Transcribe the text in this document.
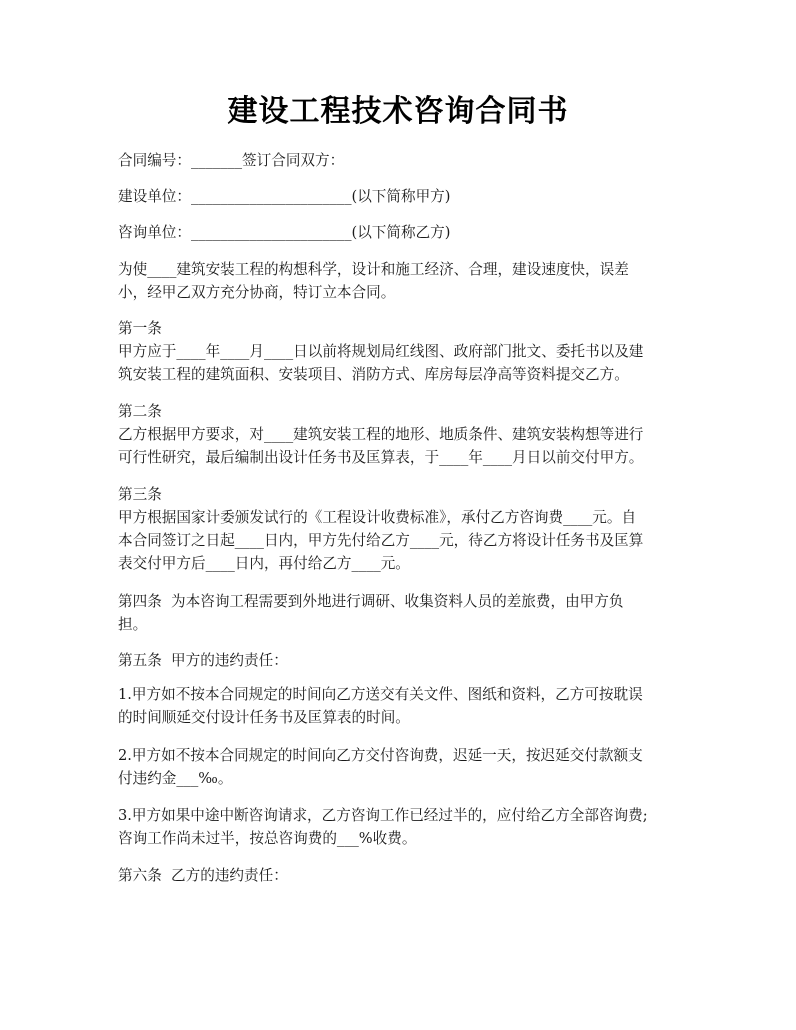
建设工程技术咨询合同书

合同编号：_______签订合同双方：

建设单位：______________________(以下简称甲方)

咨询单位：______________________(以下简称乙方)

为使____建筑安装工程的构想科学，设计和施工经济、合理，建设速度快，误差
小，经甲乙双方充分协商，特订立本合同。

第一条
甲方应于____年____月____日以前将规划局红线图、政府部门批文、委托书以及建
筑安装工程的建筑面积、安装项目、消防方式、库房每层净高等资料提交乙方。

第二条
乙方根据甲方要求，对____建筑安装工程的地形、地质条件、建筑安装构想等进行
可行性研究，最后编制出设计任务书及匡算表，于____年____月日以前交付甲方。

第三条
甲方根据国家计委颁发试行的《工程设计收费标准》，承付乙方咨询费____元。自
本合同签订之日起____日内，甲方先付给乙方____元，待乙方将设计任务书及匡算
表交付甲方后____日内，再付给乙方____元。

第四条  为本咨询工程需要到外地进行调研、收集资料人员的差旅费，由甲方负
担。

第五条  甲方的违约责任：

1.甲方如不按本合同规定的时间向乙方送交有关文件、图纸和资料，乙方可按耽误
的时间顺延交付设计任务书及匡算表的时间。

2.甲方如不按本合同规定的时间向乙方交付咨询费，迟延一天，按迟延交付款额支
付违约金___‰。

3.甲方如果中途中断咨询请求，乙方咨询工作已经过半的，应付给乙方全部咨询费;
咨询工作尚未过半，按总咨询费的___%收费。

第六条  乙方的违约责任：
